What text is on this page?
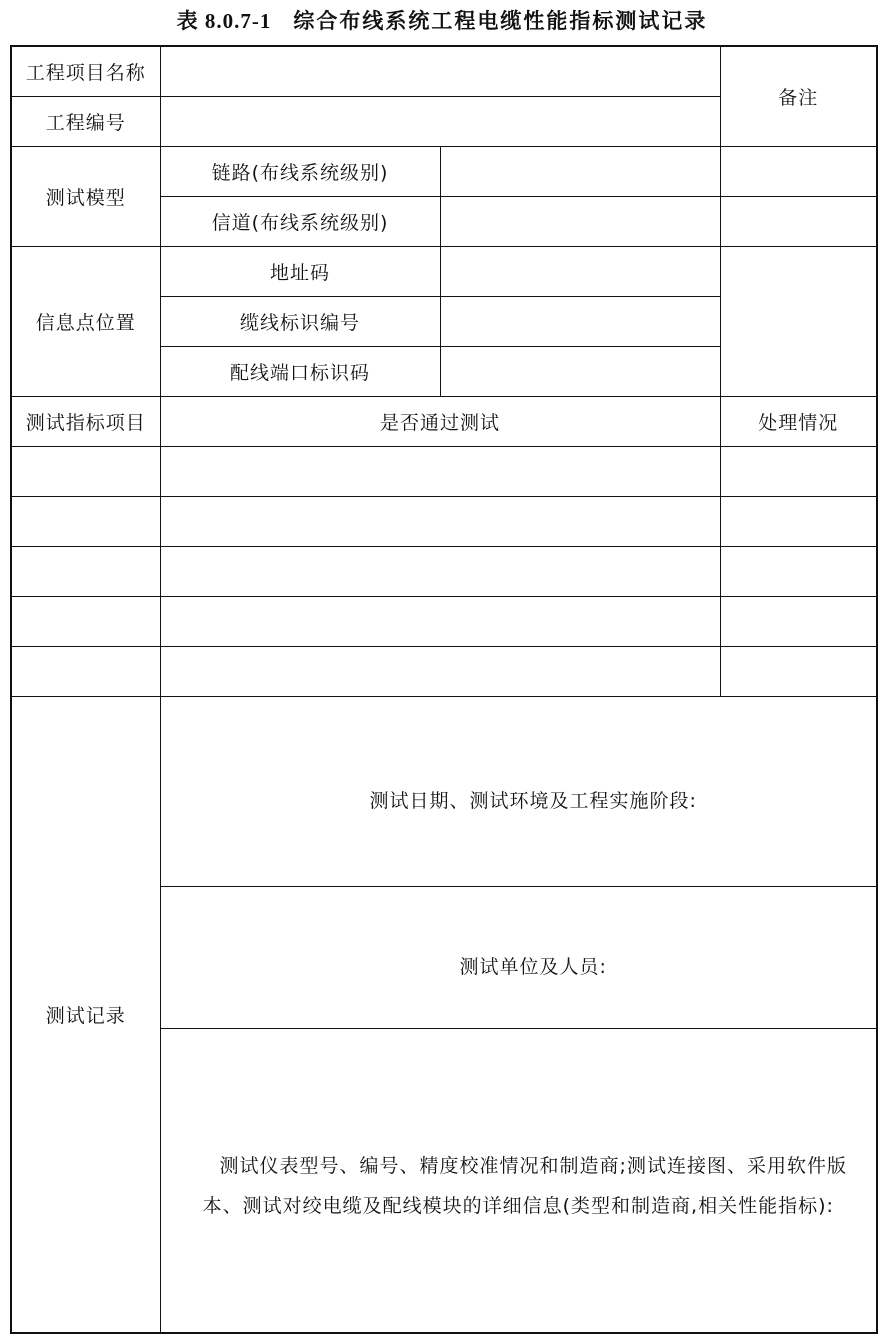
表 8.0.7-1 综合布线系统工程电缆性能指标测试记录
工程项目名称			备注
工程编号			
测试模型	链路(布线系统级别)		
	信道(布线系统级别)		
信息点位置	地址码		
	缆线标识编号		
	配线端口标识码		
测试指标项目	是否通过测试		处理情况

测试记录	测试日期、测试环境及工程实施阶段:		

	测试单位及人员:		

	测试仪表型号、编号、精度校准情况和制造商;测试连接图、采用软件版本、测试对绞电缆及配线模块的详细信息(类型和制造商,相关性能指标):		
